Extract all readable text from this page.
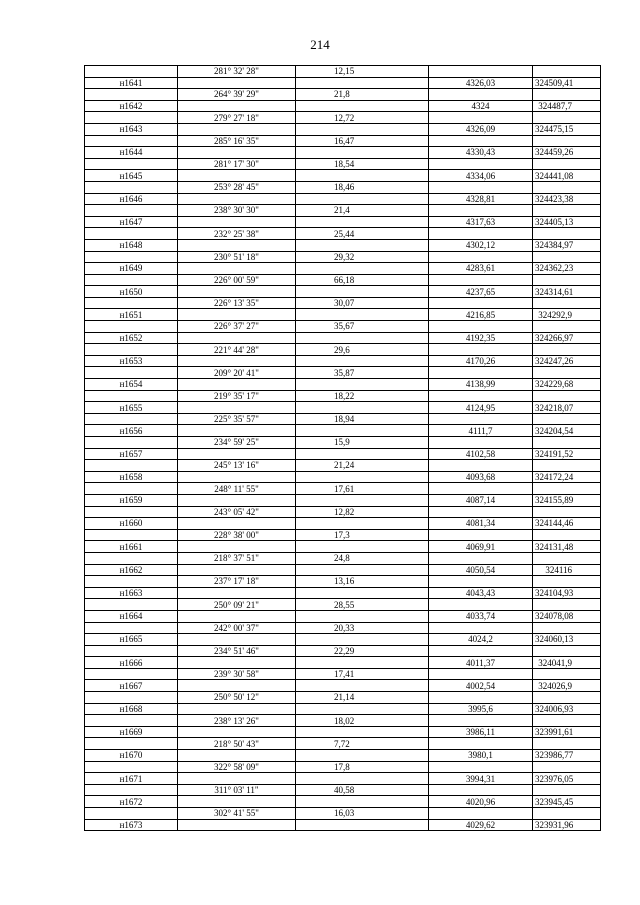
214
	281° 32' 28"	12,15		
н1641			4326,03	324509,41
	264° 39' 29"	21,8		
н1642			4324	324487,7
	279° 27' 18"	12,72		
н1643			4326,09	324475,15
	285° 16' 35"	16,47		
н1644			4330,43	324459,26
	281° 17' 30"	18,54		
н1645			4334,06	324441,08
	253° 28' 45"	18,46		
н1646			4328,81	324423,38
	238° 30' 30"	21,4		
н1647			4317,63	324405,13
	232° 25' 38"	25,44		
н1648			4302,12	324384,97
	230° 51' 18"	29,32		
н1649			4283,61	324362,23
	226° 00' 59"	66,18		
н1650			4237,65	324314,61
	226° 13' 35"	30,07		
н1651			4216,85	324292,9
	226° 37' 27"	35,67		
н1652			4192,35	324266,97
	221° 44' 28"	29,6		
н1653			4170,26	324247,26
	209° 20' 41"	35,87		
н1654			4138,99	324229,68
	219° 35' 17"	18,22		
н1655			4124,95	324218,07
	225° 35' 57"	18,94		
н1656			4111,7	324204,54
	234° 59' 25"	15,9		
н1657			4102,58	324191,52
	245° 13' 16"	21,24		
н1658			4093,68	324172,24
	248° 11' 55"	17,61		
н1659			4087,14	324155,89
	243° 05' 42"	12,82		
н1660			4081,34	324144,46
	228° 38' 00"	17,3		
н1661			4069,91	324131,48
	218° 37' 51"	24,8		
н1662			4050,54	324116
	237° 17' 18"	13,16		
н1663			4043,43	324104,93
	250° 09' 21"	28,55		
н1664			4033,74	324078,08
	242° 00' 37"	20,33		
н1665			4024,2	324060,13
	234° 51' 46"	22,29		
н1666			4011,37	324041,9
	239° 30' 58"	17,41		
н1667			4002,54	324026,9
	250° 50' 12"	21,14		
н1668			3995,6	324006,93
	238° 13' 26"	18,02		
н1669			3986,11	323991,61
	218° 50' 43"	7,72		
н1670			3980,1	323986,77
	322° 58' 09"	17,8		
н1671			3994,31	323976,05
	311° 03' 11"	40,58		
н1672			4020,96	323945,45
	302° 41' 55"	16,03		
н1673			4029,62	323931,96
